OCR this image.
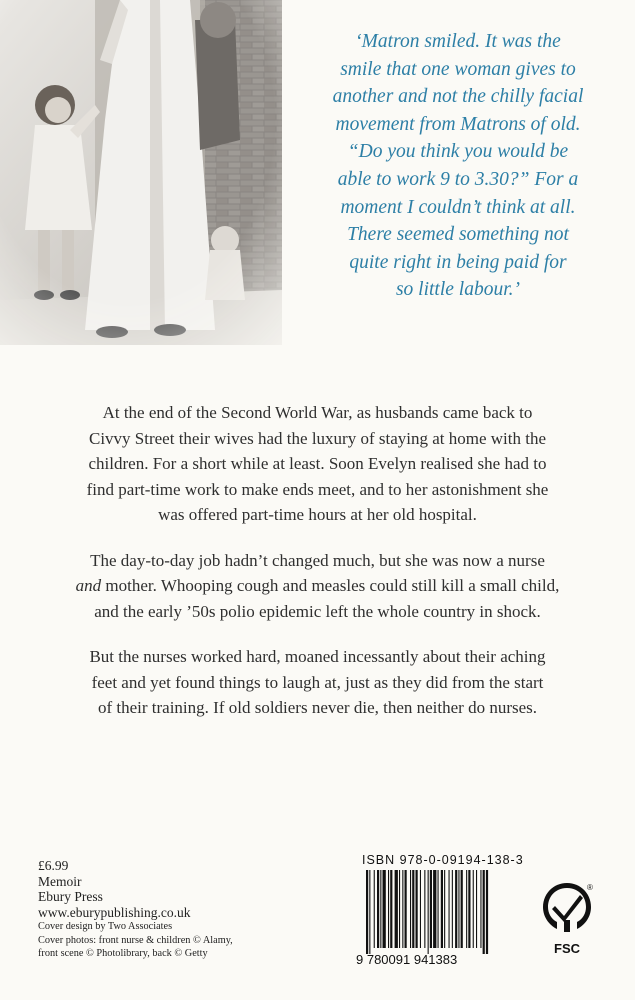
‘Matron smiled. It was the
smile that one woman gives to
another and not the chilly facial
movement from Matrons of old.
“Do you think you would be
able to work 9 to 3.30?” For a
moment I couldn’t think at all.
There seemed something not
quite right in being paid for
so little labour.’

At the end of the Second World War, as husbands came back to
Civvy Street their wives had the luxury of staying at home with the
children. For a short while at least. Soon Evelyn realised she had to
find part-time work to make ends meet, and to her astonishment she
was offered part-time hours at her old hospital.

The day-to-day job hadn’t changed much, but she was now a nurse
and mother. Whooping cough and measles could still kill a small child,
and the early ’50s polio epidemic left the whole country in shock.

But the nurses worked hard, moaned incessantly about their aching
feet and yet found things to laugh at, just as they did from the start
of their training. If old soldiers never die, then neither do nurses.

£6.99
Memoir
Ebury Press
www.eburypublishing.co.uk
Cover design by Two Associates
Cover photos: front nurse & children © Alamy,
front scene © Photolibrary, back © Getty
ISBN 978-0-09194-138-3
9 780091 941383
®
FSC
